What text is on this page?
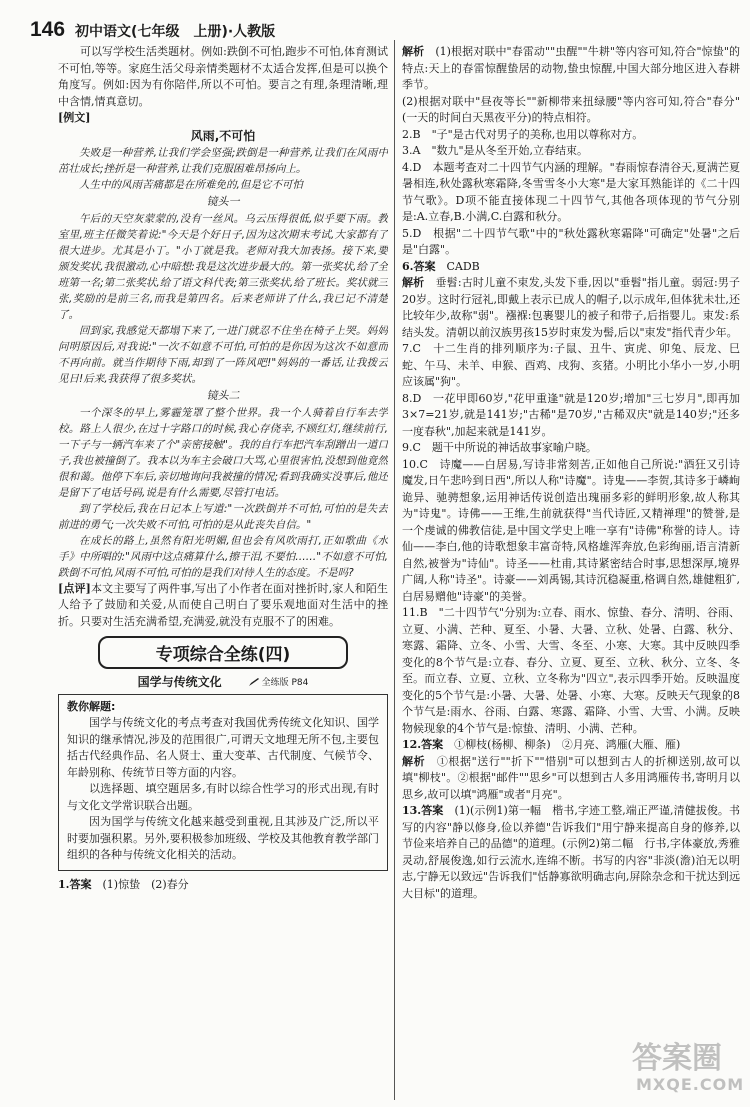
146 初中语文(七年级　上册)·人教版

可以写学校生活类题材。例如:跌倒不可怕,跑步不可怕,体育测试不可怕,等等。家庭生活父母亲情类题材不太适合发挥,但是可以换个角度写。例如:因为有你陪伴,所以不可怕。要言之有理,条理清晰,理中含情,情真意切。

[例文]

风雨,不可怕

失败是一种营养,让我们学会坚强;跌倒是一种营养,让我们在风雨中茁壮成长;挫折是一种营养,让我们克服困难昂扬向上。

人生中的风雨苦痛都是在所难免的,但是它不可怕

镜头一

午后的天空灰蒙蒙的,没有一丝风。乌云压得很低,似乎要下雨。教室里,班主任微笑着说:"今天是个好日子,因为这次期末考试,大家都有了很大进步。尤其是小丁。"小丁就是我。老师对我大加表扬。接下来,要颁发奖状,我很激动,心中暗想:我是这次进步最大的。第一张奖状,给了全班第一名;第二张奖状,给了语文科代表;第三张奖状,给了班长。奖状就三张,奖励的是前三名,而我是第四名。后来老师讲了什么,我已记不清楚了。

回到家,我感觉天都塌下来了,一进门就忍不住坐在椅子上哭。妈妈问明原因后,对我说:"一次不如意不可怕,可怕的是你因为这次不如意而不再向前。就当作期待下雨,却到了一阵风吧!"妈妈的一番话,让我拨云见日!后来,我获得了很多奖状。

镜头二

一个深冬的早上,雾霾笼罩了整个世界。我一个人骑着自行车去学校。路上人很少,在过十字路口的时候,我心存侥幸,不顾红灯,继续前行,一下子与一辆汽车来了个"亲密接触"。我的自行车把汽车刮蹭出一道口子,我也被撞倒了。我本以为车主会破口大骂,心里很害怕,没想到他竟然很和蔼。他停下车后,亲切地询问我被撞的情况;看到我确实没事后,他还是留下了电话号码,说是有什么需要,尽管打电话。

到了学校后,我在日记本上写道:"一次跌倒并不可怕,可怕的是失去前进的勇气;一次失败不可怕,可怕的是从此丧失自信。"

在成长的路上,虽然有阳光明媚,但也会有风吹雨打,正如歌曲《水手》中所唱的:"风雨中这点痛算什么,擦干泪,不要怕……"不如意不可怕,跌倒不可怕,风雨不可怕,可怕的是我们对待人生的态度。不是吗?

[点评]本文主要写了两件事,写出了小作者在面对挫折时,家人和陌生人给予了鼓励和关爱,从而使自己明白了要乐观地面对生活中的挫折。只要对生活充满希望,充满爱,就没有克服不了的困难。

专项综合全练(四)
国学与传统文化	全练版 P84

教你解题:

国学与传统文化的考点考查对我国优秀传统文化知识、国学知识的继承情况,涉及的范围很广,可谓天文地理无所不包,主要包括古代经典作品、名人贤士、重大变革、古代制度、气候节令、年龄别称、传统节日等方面的内容。

以选择题、填空题居多,有时以综合性学习的形式出现,有时与文化文学常识联合出题。

因为国学与传统文化越来越受到重视,且其涉及广泛,所以平时要加强积累。另外,要积极参加班级、学校及其他教育教学部门组织的各种与传统文化相关的活动。

1.答案　 (1)惊蛰　(2)春分

解析　 (1)根据对联中"春雷动""虫醒""牛耕"等内容可知,符合"惊蛰"的特点:天上的春雷惊醒蛰居的动物,蛰虫惊醒,中国大部分地区进入春耕季节。

(2)根据对联中"昼夜等长""新柳带来扭绿腰"等内容可知,符合"春分"(一天的时间白天黑夜平分)的特点相符。

2.B　"子"是古代对男子的美称,也用以尊称对方。

3.A　"数九"是从冬至开始,立春结束。

4.D　本题考查对二十四节气内涵的理解。"春雨惊春清谷天,夏满芒夏暑相连,秋处露秋寒霜降,冬雪雪冬小大寒"是大家耳熟能详的《二十四节气歌》。D项不能直接体现二十四节气,其他各项体现的节气分别是:A.立春,B.小满,C.白露和秋分。

5.D　根据"二十四节气歌"中的"秋处露秋寒霜降"可确定"处暑"之后是"白露"。

6.答案　 CADB

解析　 垂髫:古时儿童不束发,头发下垂,因以"垂髫"指儿童。弱冠:男子20岁。这时行冠礼,即戴上表示已成人的帽子,以示成年,但体犹未壮,还比较年少,故称"弱"。襁褓:包裹婴儿的被子和带子,后指婴儿。束发:系结头发。清朝以前汉族男孩15岁时束发为髻,后以"束发"指代青少年。

7.C　十二生肖的排列顺序为:子鼠、丑牛、寅虎、卯兔、辰龙、巳蛇、午马、未羊、申猴、酉鸡、戌狗、亥猪。小明比小华小一岁,小明应该属"狗"。

8.D　一花甲即60岁,"花甲重逢"就是120岁;增加"三七岁月",即再加3×7=21岁,就是141岁;"古稀"是70岁,"古稀双庆"就是140岁;"还多一度春秋",加起来就是141岁。

9.C　题干中所说的神话故事家喻户晓。

10.C　诗魔——白居易,写诗非常刻苦,正如他自己所说:"酒狂又引诗魔发,日午悲吟到日西",所以人称"诗魔"。诗鬼——李贺,其诗多于嶙峋诡异、驰骋想象,运用神话传说创造出瑰丽多彩的鲜明形象,故人称其为"诗鬼"。诗佛——王维,生前就获得"当代诗匠,又精禅理"的赞誉,是一个虔诚的佛教信徒,是中国文学史上唯一享有"诗佛"称誉的诗人。诗仙——李白,他的诗歌想象丰富奇特,风格雄浑奔放,色彩绚丽,语言清新自然,被誉为"诗仙"。诗圣——杜甫,其诗紧密结合时事,思想深厚,境界广阔,人称"诗圣"。诗豪——刘禹锡,其诗沉稳凝重,格调自然,雄健粗犷,白居易赠他"诗豪"的美誉。

11.B　"二十四节气"分别为:立春、雨水、惊蛰、春分、清明、谷雨、立夏、小满、芒种、夏至、小暑、大暑、立秋、处暑、白露、秋分、寒露、霜降、立冬、小雪、大雪、冬至、小寒、大寒。其中反映四季变化的8个节气是:立春、春分、立夏、夏至、立秋、秋分、立冬、冬至。而立春、立夏、立秋、立冬称为"四立",表示四季开始。反映温度变化的5个节气是:小暑、大暑、处暑、小寒、大寒。反映天气现象的8个节气是:雨水、谷雨、白露、寒露、霜降、小雪、大雪、小满。反映物候现象的4个节气是:惊蛰、清明、小满、芒种。

12.答案　 ①柳枝(杨柳、柳条)　②月亮、鸿雁(大雁、雁)

解析　 ①根据"送行""折下""惜别"可以想到古人的折柳送别,故可以填"柳枝"。②根据"邮件""思乡"可以想到古人多用鸿雁传书,寄明月以思乡,故可以填"鸿雁"或者"月亮"。

13.答案　 (1)(示例1)第一幅　楷书,字迹工整,端正严谨,清健拔俊。书写的内容"静以修身,俭以养德"告诉我们"用宁静来提高自身的修养,以节俭来培养自己的品德"的道理。(示例2)第二幅　行书,字体豪放,秀雅灵动,舒展俊逸,如行云流水,连绵不断。书写的内容"非淡(澹)泊无以明志,宁静无以致远"告诉我们"恬静寡欲明确志向,屏除杂念和干扰达到远大目标"的道理。

答案圈
MXQE.COM
